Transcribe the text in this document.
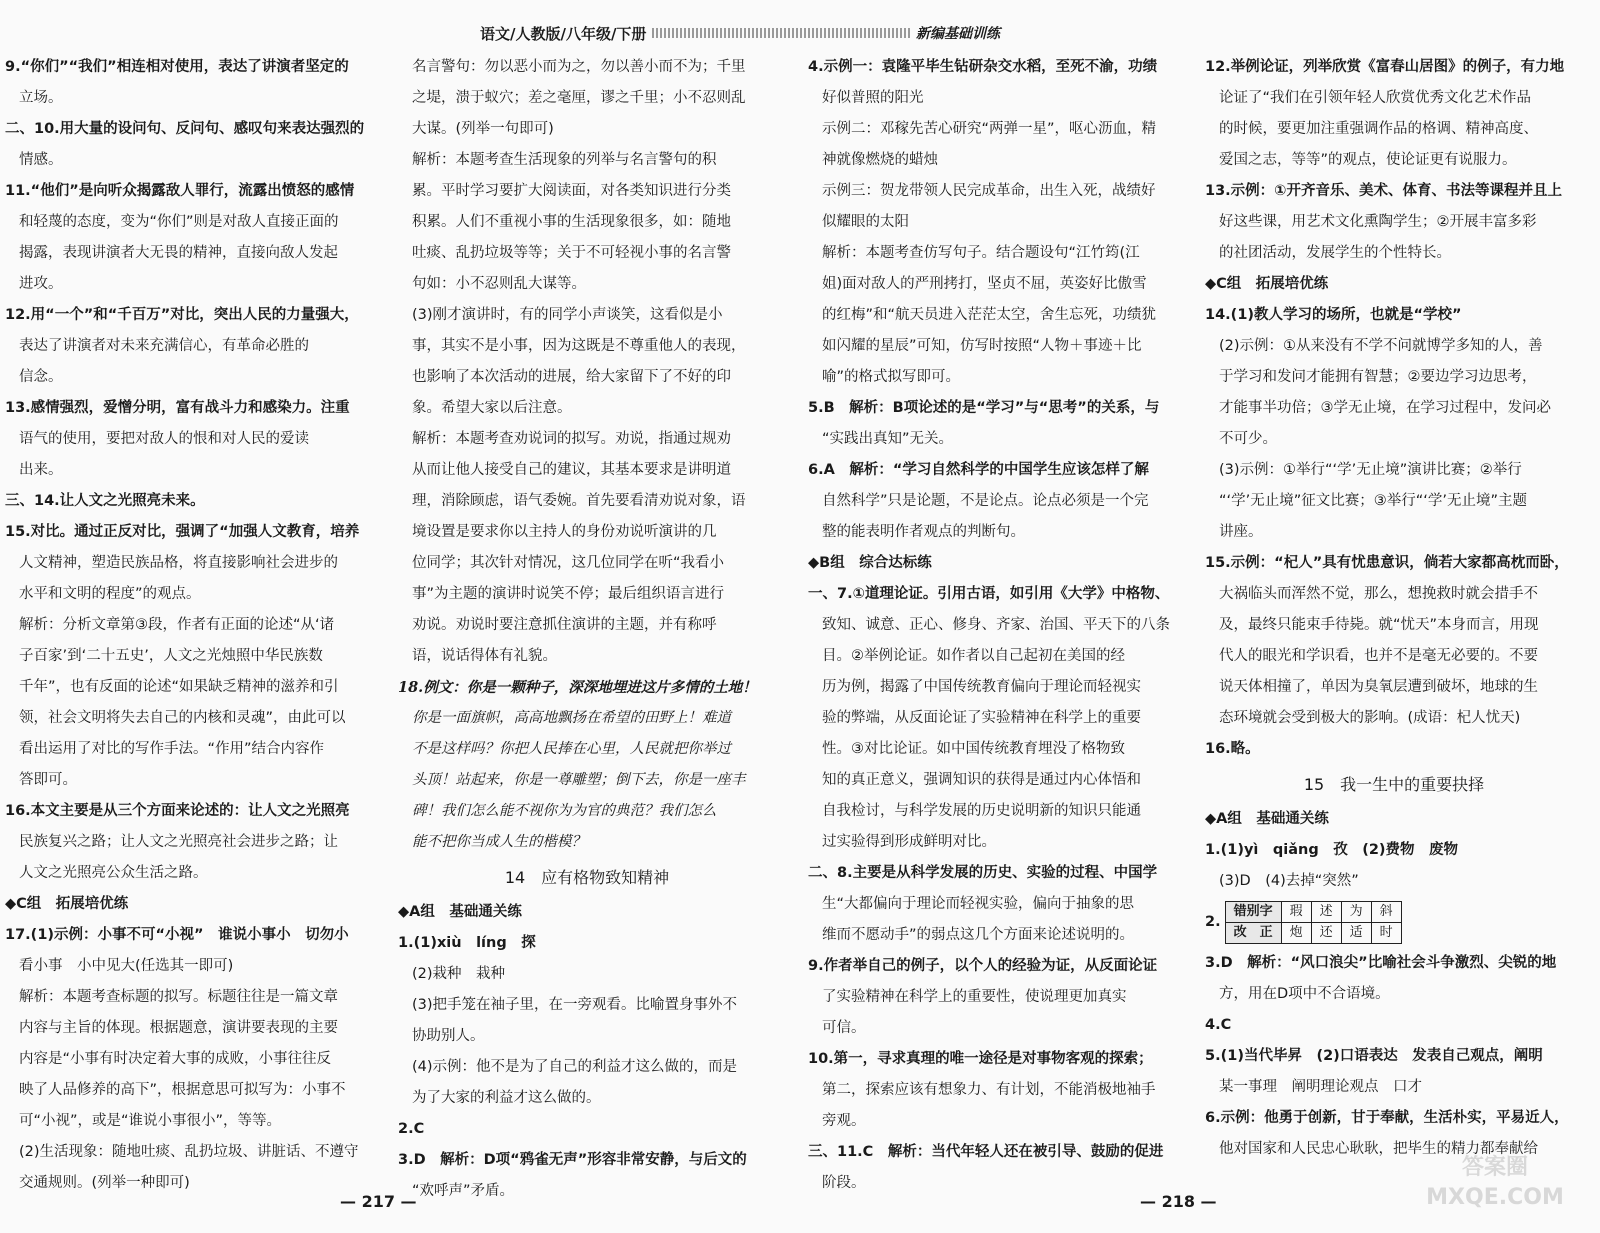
语文/人教版/八年级/下册	新编基础训练

9.“你们”“我们”相连相对使用，表达了讲演者坚定的

立场。

二、10.用大量的设问句、反问句、感叹句来表达强烈的

情感。

11.“他们”是向听众揭露敌人罪行，流露出愤怒的感情

和轻蔑的态度，变为“你们”则是对敌人直接正面的

揭露，表现讲演者大无畏的精神，直接向敌人发起

进攻。

12.用“一个”和“千百万”对比，突出人民的力量强大，

表达了讲演者对未来充满信心，有革命必胜的

信念。

13.感情强烈，爱憎分明，富有战斗力和感染力。注重

语气的使用，要把对敌人的恨和对人民的爱读

出来。

三、14.让人文之光照亮未来。

15.对比。通过正反对比，强调了“加强人文教育，培养

人文精神，塑造民族品格，将直接影响社会进步的

水平和文明的程度”的观点。

解析：分析文章第③段，作者有正面的论述“从‘诸

子百家’到‘二十五史’，人文之光烛照中华民族数

千年”，也有反面的论述“如果缺乏精神的滋养和引

领，社会文明将失去自己的内核和灵魂”，由此可以

看出运用了对比的写作手法。“作用”结合内容作

答即可。

16.本文主要是从三个方面来论述的：让人文之光照亮

民族复兴之路；让人文之光照亮社会进步之路；让

人文之光照亮公众生活之路。

◆C组　拓展培优练

17.(1)示例：小事不可“小视”　谁说小事小　切勿小

看小事　小中见大(任选其一即可)

解析：本题考查标题的拟写。标题往往是一篇文章

内容与主旨的体现。根据题意，演讲要表现的主要

内容是“小事有时决定着大事的成败，小事往往反

映了人品修养的高下”，根据意思可拟写为：小事不

可“小视”，或是“谁说小事很小”，等等。

(2)生活现象：随地吐痰、乱扔垃圾、讲脏话、不遵守

交通规则。(列举一种即可)

名言警句：勿以恶小而为之，勿以善小而不为；千里

之堤，溃于蚁穴；差之毫厘，谬之千里；小不忍则乱

大谋。(列举一句即可)

解析：本题考查生活现象的列举与名言警句的积

累。平时学习要扩大阅读面，对各类知识进行分类

积累。人们不重视小事的生活现象很多，如：随地

吐痰、乱扔垃圾等等；关于不可轻视小事的名言警

句如：小不忍则乱大谋等。

(3)刚才演讲时，有的同学小声谈笑，这看似是小

事，其实不是小事，因为这既是不尊重他人的表现，

也影响了本次活动的进展，给大家留下了不好的印

象。希望大家以后注意。

解析：本题考查劝说词的拟写。劝说，指通过规劝

从而让他人接受自己的建议，其基本要求是讲明道

理，消除顾虑，语气委婉。首先要看清劝说对象，语

境设置是要求你以主持人的身份劝说听演讲的几

位同学；其次针对情况，这几位同学在听“我看小

事”为主题的演讲时说笑不停；最后组织语言进行

劝说。劝说时要注意抓住演讲的主题，并有称呼

语，说话得体有礼貌。

18.例文：你是一颗种子，深深地埋进这片多情的土地！

你是一面旗帜，高高地飘扬在希望的田野上！难道

不是这样吗？你把人民捧在心里，人民就把你举过

头顶！站起来，你是一尊雕塑；倒下去，你是一座丰

碑！我们怎么能不视你为为官的典范？我们怎么

能不把你当成人生的楷模？

14　应有格物致知精神

◆A组　基础通关练

1.(1)xiù　líng　探

(2)栽种　栽种

(3)把手笼在袖子里，在一旁观看。比喻置身事外不

协助别人。

(4)示例：他不是为了自己的利益才这么做的，而是

为了大家的利益才这么做的。

2.C

3.D　解析：D项“鸦雀无声”形容非常安静，与后文的

“欢呼声”矛盾。

4.示例一：袁隆平毕生钻研杂交水稻，至死不渝，功绩

好似普照的阳光

示例二：邓稼先苦心研究“两弹一星”，呕心沥血，精

神就像燃烧的蜡烛

示例三：贺龙带领人民完成革命，出生入死，战绩好

似耀眼的太阳

解析：本题考查仿写句子。结合题设句“江竹筠(江

姐)面对敌人的严刑拷打，坚贞不屈，英姿好比傲雪

的红梅”和“航天员进入茫茫太空，舍生忘死，功绩犹

如闪耀的星辰”可知，仿写时按照“人物＋事迹＋比

喻”的格式拟写即可。

5.B　解析：B项论述的是“学习”与“思考”的关系，与

“实践出真知”无关。

6.A　解析：“学习自然科学的中国学生应该怎样了解

自然科学”只是论题，不是论点。论点必须是一个完

整的能表明作者观点的判断句。

◆B组　综合达标练

一、7.①道理论证。引用古语，如引用《大学》中格物、

致知、诚意、正心、修身、齐家、治国、平天下的八条

目。②举例论证。如作者以自己起初在美国的经

历为例，揭露了中国传统教育偏向于理论而轻视实

验的弊端，从反面论证了实验精神在科学上的重要

性。③对比论证。如中国传统教育埋没了格物致

知的真正意义，强调知识的获得是通过内心体悟和

自我检讨，与科学发展的历史说明新的知识只能通

过实验得到形成鲜明对比。

二、8.主要是从科学发展的历史、实验的过程、中国学

生“大都偏向于理论而轻视实验，偏向于抽象的思

维而不愿动手”的弱点这几个方面来论述说明的。

9.作者举自己的例子，以个人的经验为证，从反面论证

了实验精神在科学上的重要性，使说理更加真实

可信。

10.第一，寻求真理的唯一途径是对事物客观的探索；

第二，探索应该有想象力、有计划，不能消极地袖手

旁观。

三、11.C　解析：当代年轻人还在被引导、鼓励的促进

阶段。

12.举例论证，列举欣赏《富春山居图》的例子，有力地

论证了“我们在引领年轻人欣赏优秀文化艺术作品

的时候，要更加注重强调作品的格调、精神高度、

爱国之志，等等”的观点，使论证更有说服力。

13.示例：①开齐音乐、美术、体育、书法等课程并且上

好这些课，用艺术文化熏陶学生；②开展丰富多彩

的社团活动，发展学生的个性特长。

◆C组　拓展培优练

14.(1)教人学习的场所，也就是“学校”

(2)示例：①从来没有不学不问就博学多知的人，善

于学习和发问才能拥有智慧；②要边学习边思考，

才能事半功倍；③学无止境，在学习过程中，发问必

不可少。

(3)示例：①举行“‘学’无止境”演讲比赛；②举行

“‘学’无止境”征文比赛；③举行“‘学’无止境”主题

讲座。

15.示例：“杞人”具有忧患意识，倘若大家都高枕而卧，

大祸临头而浑然不觉，那么，想挽救时就会措手不

及，最终只能束手待毙。就“忧天”本身而言，用现

代人的眼光和学识看，也并不是毫无必要的。不要

说天体相撞了，单因为臭氧层遭到破坏，地球的生

态环境就会受到极大的影响。(成语：杞人忧天)

16.略。

15　我一生中的重要抉择

◆A组　基础通关练

1.(1)yì　qiǎng　孜　(2)费物　废物

(3)D　(4)去掉“突然”

2.
错别字	瑕	述	为	斜
改　正	炮	还	适	时

3.D　解析：“风口浪尖”比喻社会斗争激烈、尖锐的地

方，用在D项中不合语境。

4.C

5.(1)当代毕昇　(2)口语表达　发表自己观点，阐明

某一事理　阐明理论观点　口才

6.示例：他勇于创新，甘于奉献，生活朴实，平易近人，

他对国家和人民忠心耿耿，把毕生的精力都奉献给

— 217 —	— 218 —
答案圈 MXQE.COM
